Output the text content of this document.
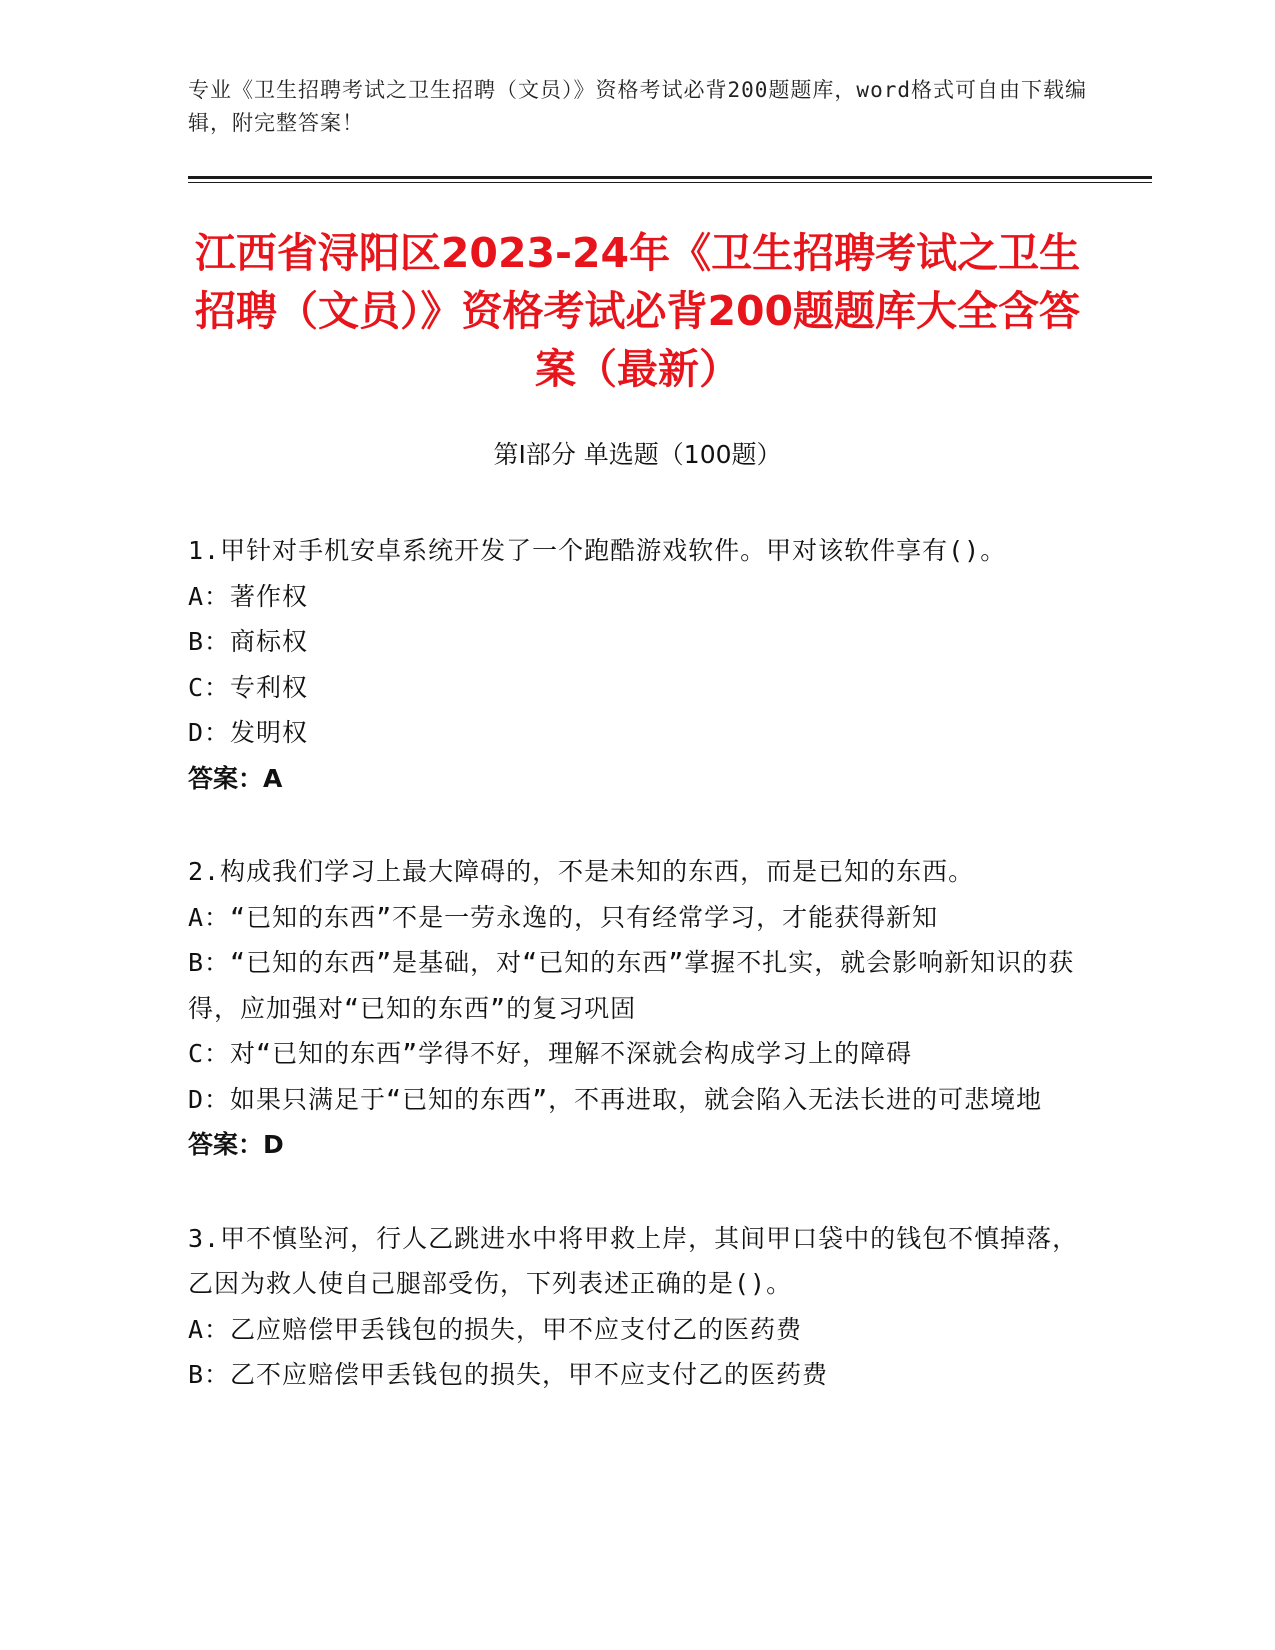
专业《卫生招聘考试之卫生招聘（文员）》资格考试必背200题题库，word格式可自由下载编辑，附完整答案！
江西省浔阳区2023-24年《卫生招聘考试之卫生招聘（文员）》资格考试必背200题题库大全含答案（最新）
第I部分 单选题（100题）
1.甲针对手机安卓系统开发了一个跑酷游戏软件。甲对该软件享有()。
A：著作权
B：商标权
C：专利权
D：发明权
答案：A
2.构成我们学习上最大障碍的，不是未知的东西，而是已知的东西。
A：“已知的东西”不是一劳永逸的，只有经常学习，才能获得新知
B：“已知的东西”是基础，对“已知的东西”掌握不扎实，就会影响新知识的获得，应加强对“已知的东西”的复习巩固
C：对“已知的东西”学得不好，理解不深就会构成学习上的障碍
D：如果只满足于“已知的东西”，不再进取，就会陷入无法长进的可悲境地
答案：D
3.甲不慎坠河，行人乙跳进水中将甲救上岸，其间甲口袋中的钱包不慎掉落，乙因为救人使自己腿部受伤，下列表述正确的是()。
A：乙应赔偿甲丢钱包的损失，甲不应支付乙的医药费
B：乙不应赔偿甲丢钱包的损失，甲不应支付乙的医药费
